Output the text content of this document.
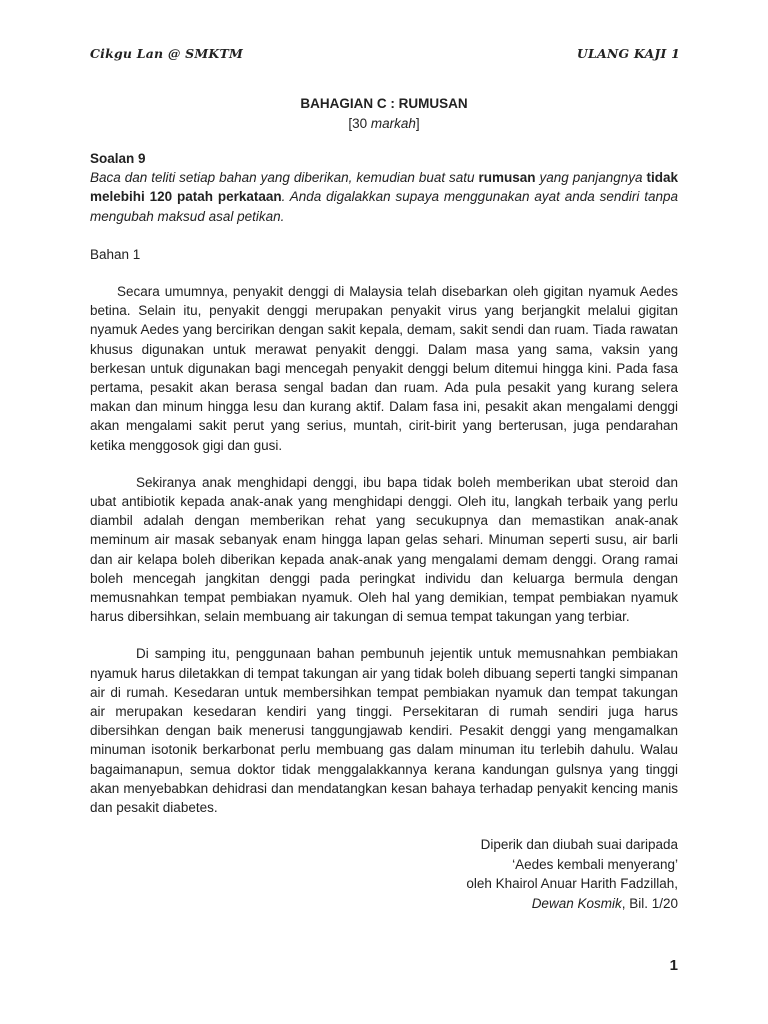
Cikgu Lan @ SMKTM	ULANG KAJI 1
BAHAGIAN C : RUMUSAN
[30 markah]
Soalan 9
Baca dan teliti setiap bahan yang diberikan, kemudian buat satu rumusan yang panjangnya tidak melebihi 120 patah perkataan. Anda digalakkan supaya menggunakan ayat anda sendiri tanpa mengubah maksud asal petikan.
Bahan 1
Secara umumnya, penyakit denggi di Malaysia telah disebarkan oleh gigitan nyamuk Aedes betina. Selain itu, penyakit denggi merupakan penyakit virus yang berjangkit melalui gigitan nyamuk Aedes yang bercirikan dengan sakit kepala, demam, sakit sendi dan ruam. Tiada rawatan khusus digunakan untuk merawat penyakit denggi. Dalam masa yang sama, vaksin yang berkesan untuk digunakan bagi mencegah penyakit denggi belum ditemui hingga kini. Pada fasa pertama, pesakit akan berasa sengal badan dan ruam. Ada pula pesakit yang kurang selera makan dan minum hingga lesu dan kurang aktif. Dalam fasa ini, pesakit akan mengalami denggi akan mengalami sakit perut yang serius, muntah, cirit-birit yang berterusan, juga pendarahan ketika menggosok gigi dan gusi.
Sekiranya anak menghidapi denggi, ibu bapa tidak boleh memberikan ubat steroid dan ubat antibiotik kepada anak-anak yang menghidapi denggi. Oleh itu, langkah terbaik yang perlu diambil adalah dengan memberikan rehat yang secukupnya dan memastikan anak-anak meminum air masak sebanyak enam hingga lapan gelas sehari. Minuman seperti susu, air barli dan air kelapa boleh diberikan kepada anak-anak yang mengalami demam denggi. Orang ramai boleh mencegah jangkitan denggi pada peringkat individu dan keluarga bermula dengan memusnahkan tempat pembiakan nyamuk. Oleh hal yang demikian, tempat pembiakan nyamuk harus dibersihkan, selain membuang air takungan di semua tempat takungan yang terbiar.
Di samping itu, penggunaan bahan pembunuh jejentik untuk memusnahkan pembiakan nyamuk harus diletakkan di tempat takungan air yang tidak boleh dibuang seperti tangki simpanan air di rumah. Kesedaran untuk membersihkan tempat pembiakan nyamuk dan tempat takungan air merupakan kesedaran kendiri yang tinggi. Persekitaran di rumah sendiri juga harus dibersihkan dengan baik menerusi tanggungjawab kendiri. Pesakit denggi yang mengamalkan minuman isotonik berkarbonat perlu membuang gas dalam minuman itu terlebih dahulu. Walau bagaimanapun, semua doktor tidak menggalakkannya kerana kandungan gulsnya yang tinggi akan menyebabkan dehidrasi dan mendatangkan kesan bahaya terhadap penyakit kencing manis dan pesakit diabetes.
Diperik dan diubah suai daripada
‘Aedes kembali menyerang’
oleh Khairol Anuar Harith Fadzillah,
Dewan Kosmik, Bil. 1/20
1
